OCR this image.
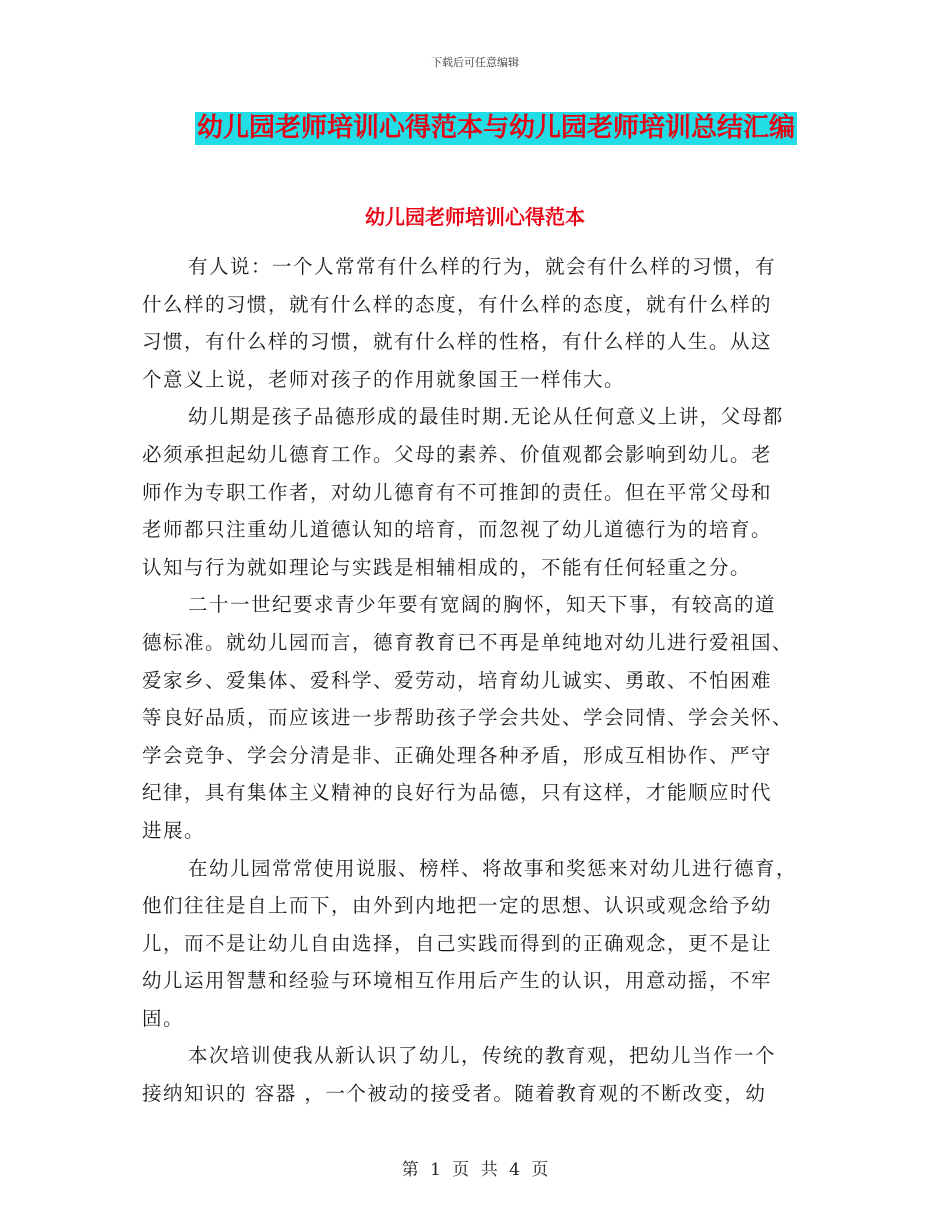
下载后可任意编辑
幼儿园老师培训心得范本与幼儿园老师培训总结汇编
幼儿园老师培训心得范本
有人说：一个人常常有什么样的行为，就会有什么样的习惯，有
什么样的习惯，就有什么样的态度，有什么样的态度，就有什么样的
习惯，有什么样的习惯，就有什么样的性格，有什么样的人生。从这
个意义上说，老师对孩子的作用就象国王一样伟大。
幼儿期是孩子品德形成的最佳时期.无论从任何意义上讲，父母都
必须承担起幼儿德育工作。父母的素养、价值观都会影响到幼儿。老
师作为专职工作者，对幼儿德育有不可推卸的责任。但在平常父母和
老师都只注重幼儿道德认知的培育，而忽视了幼儿道德行为的培育。
认知与行为就如理论与实践是相辅相成的，不能有任何轻重之分。
二十一世纪要求青少年要有宽阔的胸怀，知天下事，有较高的道
德标准。就幼儿园而言，德育教育已不再是单纯地对幼儿进行爱祖国、
爱家乡、爱集体、爱科学、爱劳动，培育幼儿诚实、勇敢、不怕困难
等良好品质，而应该进一步帮助孩子学会共处、学会同情、学会关怀、
学会竞争、学会分清是非、正确处理各种矛盾，形成互相协作、严守
纪律，具有集体主义精神的良好行为品德，只有这样，才能顺应时代
进展。
在幼儿园常常使用说服、榜样、将故事和奖惩来对幼儿进行德育，
他们往往是自上而下，由外到内地把一定的思想、认识或观念给予幼
儿，而不是让幼儿自由选择，自己实践而得到的正确观念，更不是让
幼儿运用智慧和经验与环境相互作用后产生的认识，用意动摇，不牢
固。
本次培训使我从新认识了幼儿，传统的教育观，把幼儿当作一个
接纳知识的 容器 ，一个被动的接受者。随着教育观的不断改变，幼
第 1 页 共 4 页
